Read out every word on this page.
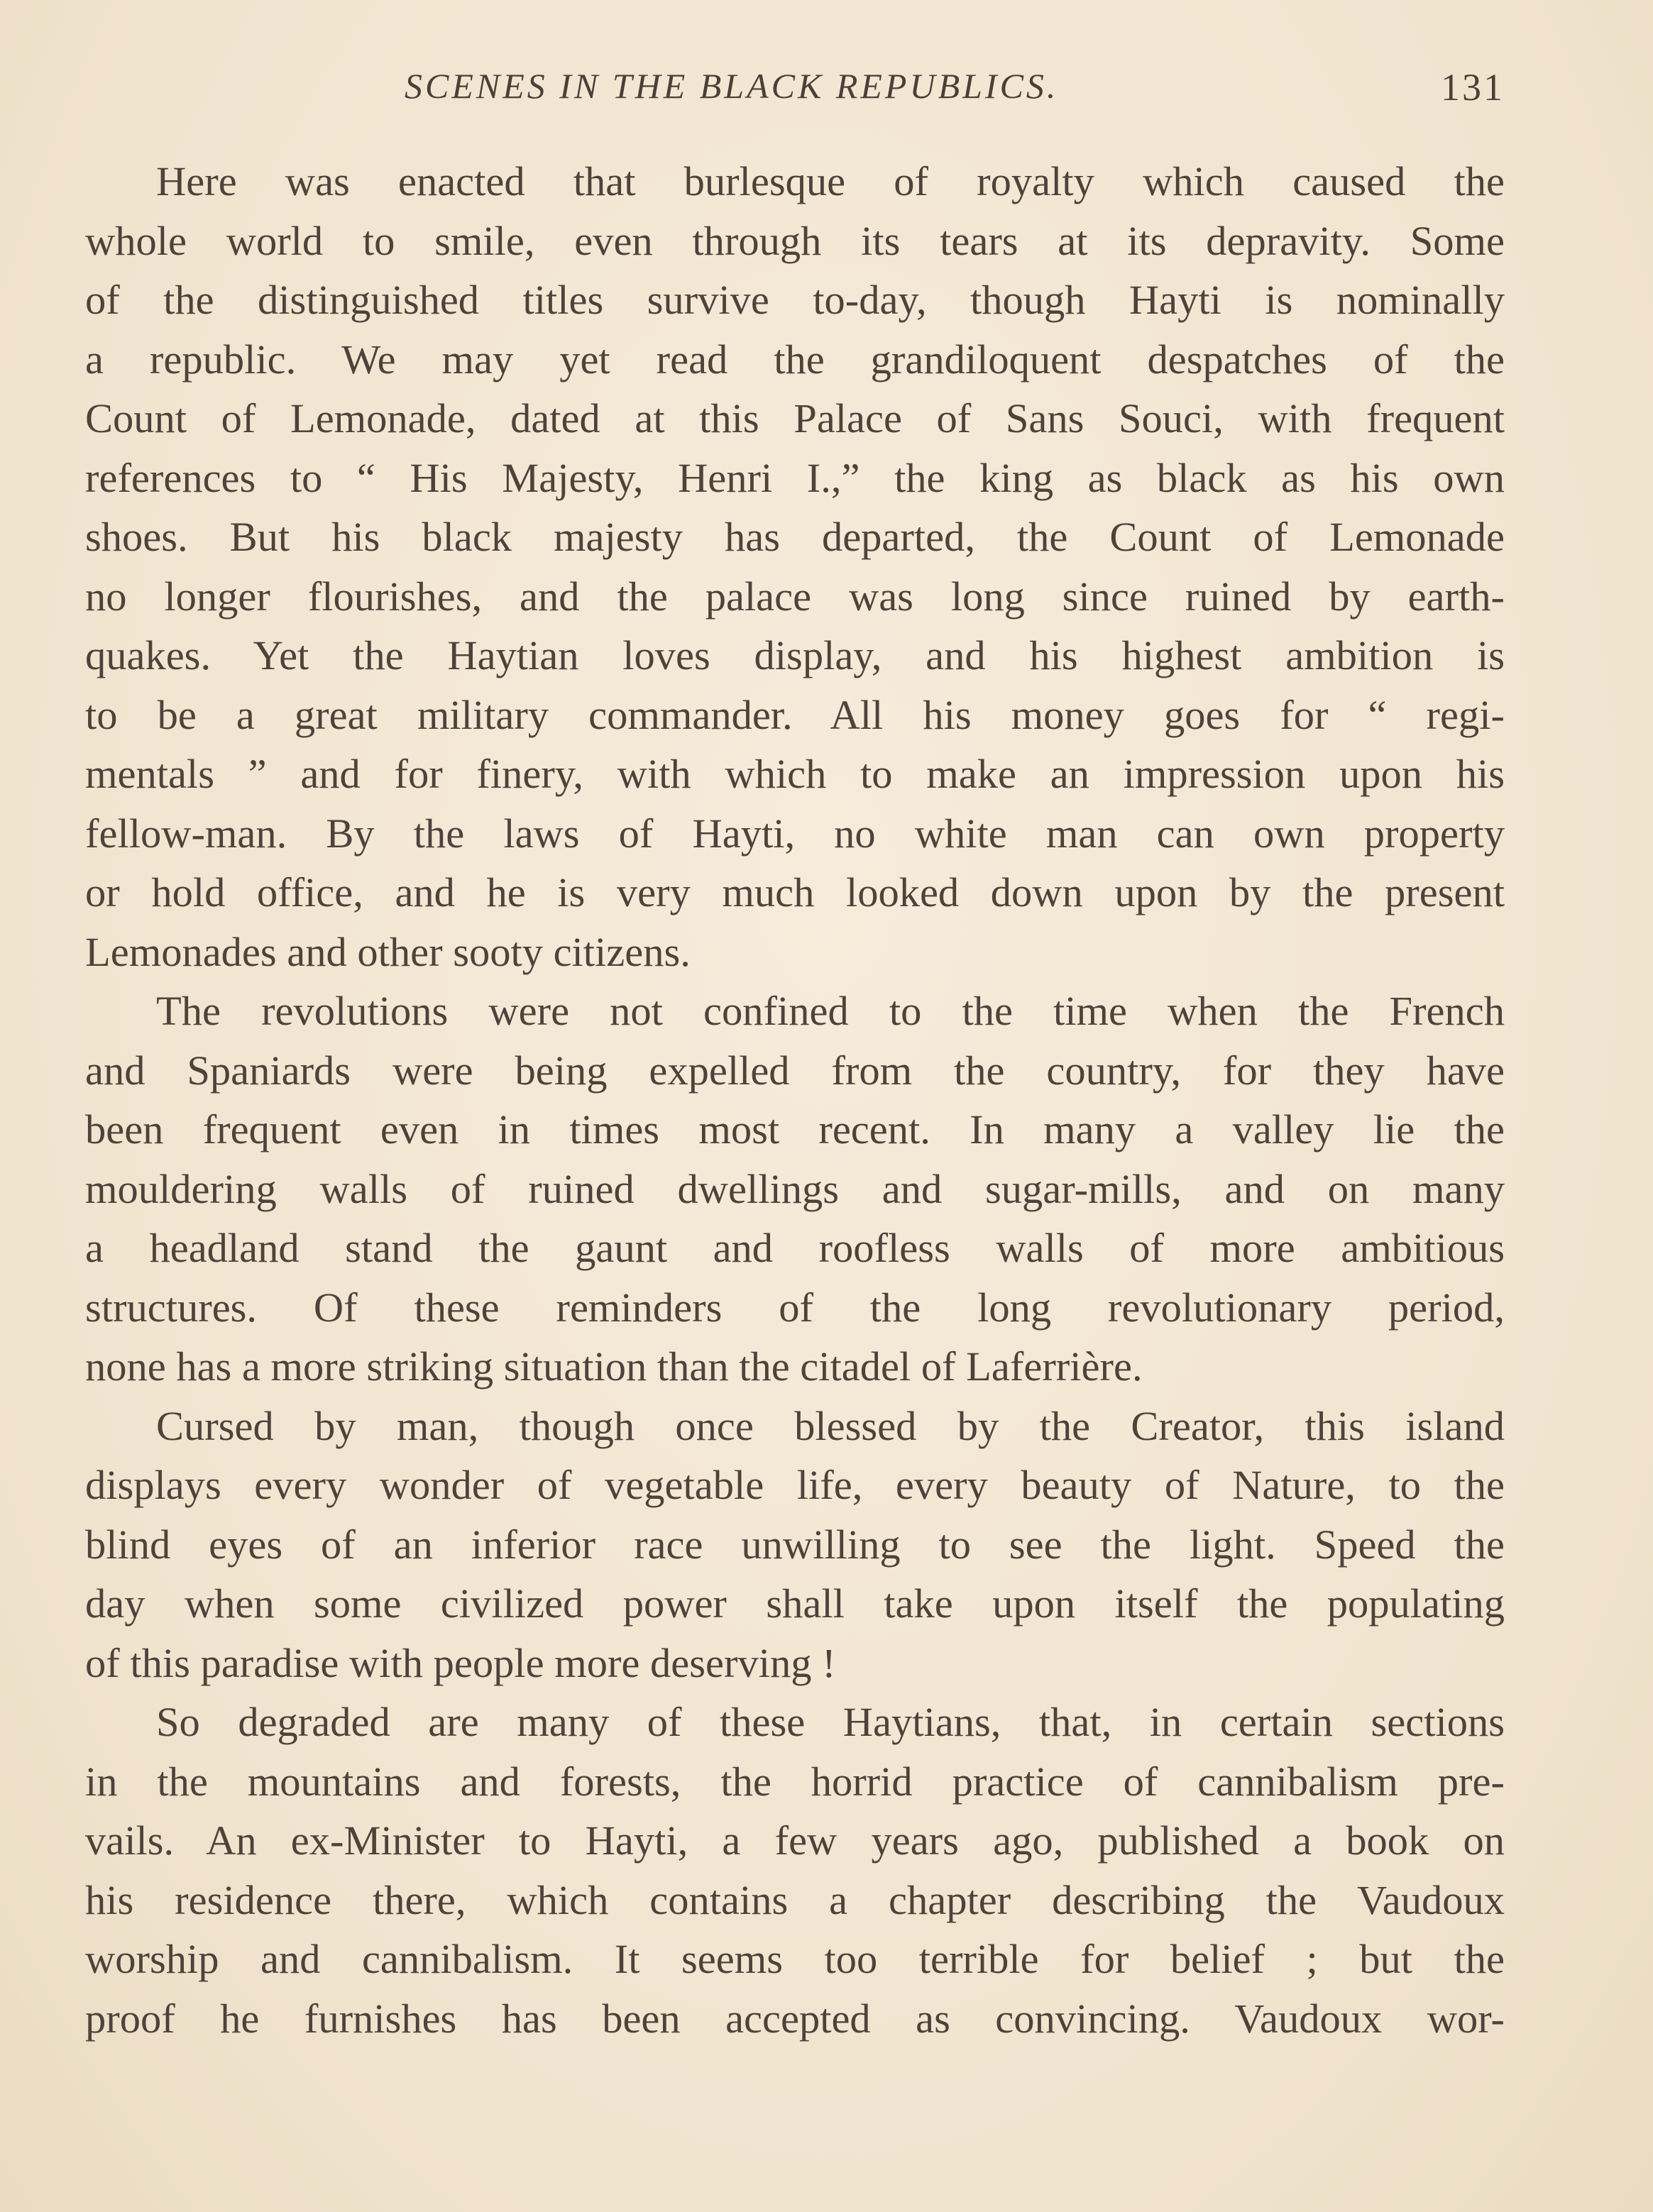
SCENES IN THE BLACK REPUBLICS.	131
Here was enacted that burlesque of royalty which caused the
whole world to smile, even through its tears at its depravity. Some
of the distinguished titles survive to-day, though Hayti is nominally
a republic. We may yet read the grandiloquent despatches of the
Count of Lemonade, dated at this Palace of Sans Souci, with frequent
references to “ His Majesty, Henri I.,” the king as black as his own
shoes. But his black majesty has departed, the Count of Lemonade
no longer flourishes, and the palace was long since ruined by earth-
quakes. Yet the Haytian loves display, and his highest ambition is
to be a great military commander. All his money goes for “ regi-
mentals ” and for finery, with which to make an impression upon his
fellow-man. By the laws of Hayti, no white man can own property
or hold office, and he is very much looked down upon by the present
Lemonades and other sooty citizens.
The revolutions were not confined to the time when the French
and Spaniards were being expelled from the country, for they have
been frequent even in times most recent. In many a valley lie the
mouldering walls of ruined dwellings and sugar-mills, and on many
a headland stand the gaunt and roofless walls of more ambitious
structures. Of these reminders of the long revolutionary period,
none has a more striking situation than the citadel of Laferrière.
Cursed by man, though once blessed by the Creator, this island
displays every wonder of vegetable life, every beauty of Nature, to the
blind eyes of an inferior race unwilling to see the light. Speed the
day when some civilized power shall take upon itself the populating
of this paradise with people more deserving !
So degraded are many of these Haytians, that, in certain sections
in the mountains and forests, the horrid practice of cannibalism pre-
vails. An ex-Minister to Hayti, a few years ago, published a book on
his residence there, which contains a chapter describing the Vaudoux
worship and cannibalism. It seems too terrible for belief ; but the
proof he furnishes has been accepted as convincing. Vaudoux wor-
